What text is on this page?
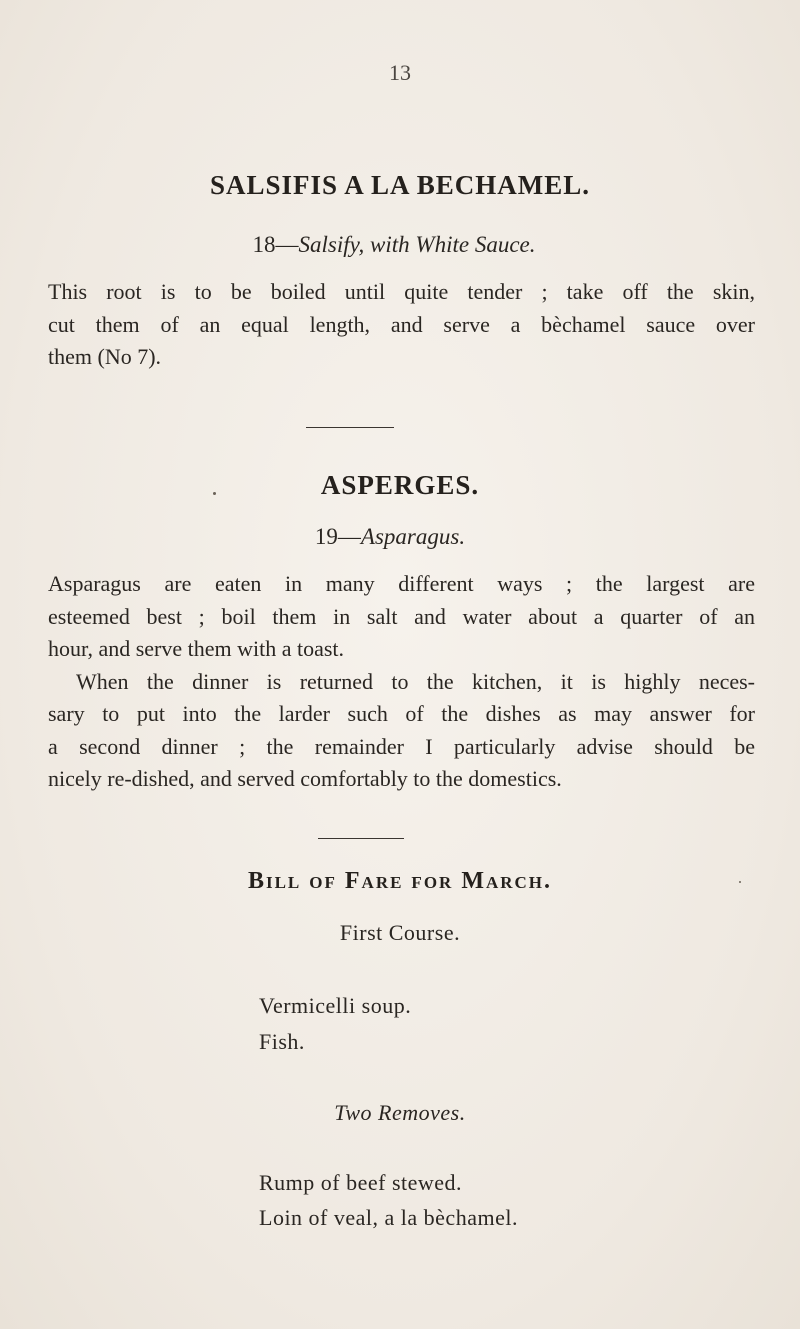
13

SALSIFIS A LA BECHAMEL.

18—Salsify, with White Sauce.

This root is to be boiled until quite tender ; take off the skin,
cut them of an equal length, and serve a bèchamel sauce over
them (No 7).
ASPERGES.

19—Asparagus.

Asparagus are eaten in many different ways ; the largest are
esteemed best ; boil them in salt and water about a quarter of an
hour, and serve them with a toast.
When the dinner is returned to the kitchen, it is highly neces-
sary to put into the larder such of the dishes as may answer for
a second dinner ; the remainder I particularly advise should be
nicely re-dished, and served comfortably to the domestics.
Bill of Fare for March.

First Course.

Vermicelli soup.

Fish.

Two Removes.

Rump of beef stewed.

Loin of veal, a la bèchamel.
